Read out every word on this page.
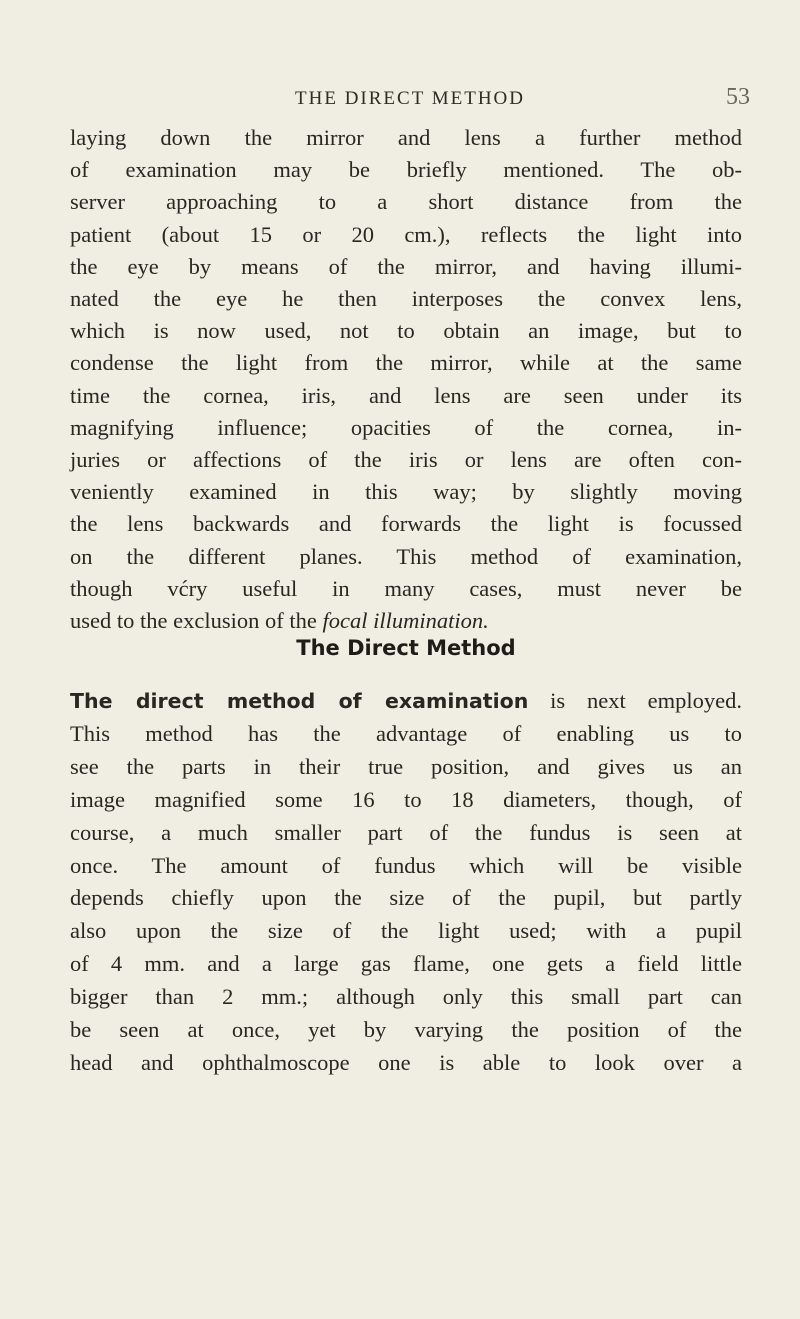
THE DIRECT METHOD	53
laying down the mirror and lens a further method
of examination may be briefly mentioned. The ob-
server approaching to a short distance from the
patient (about 15 or 20 cm.), reflects the light into
the eye by means of the mirror, and having illumi-
nated the eye he then interposes the convex lens,
which is now used, not to obtain an image, but to
condense the light from the mirror, while at the same
time the cornea, iris, and lens are seen under its
magnifying influence; opacities of the cornea, in-
juries or affections of the iris or lens are often con-
veniently examined in this way; by slightly moving
the lens backwards and forwards the light is focussed
on the different planes. This method of examination,
though vćry useful in many cases, must never be
used to the exclusion of the focal illumination.
The Direct Method
The direct method of examination is next employed.
This method has the advantage of enabling us to
see the parts in their true position, and gives us an
image magnified some 16 to 18 diameters, though, of
course, a much smaller part of the fundus is seen at
once. The amount of fundus which will be visible
depends chiefly upon the size of the pupil, but partly
also upon the size of the light used; with a pupil
of 4 mm. and a large gas flame, one gets a field little
bigger than 2 mm.; although only this small part can
be seen at once, yet by varying the position of the
head and ophthalmoscope one is able to look over a
